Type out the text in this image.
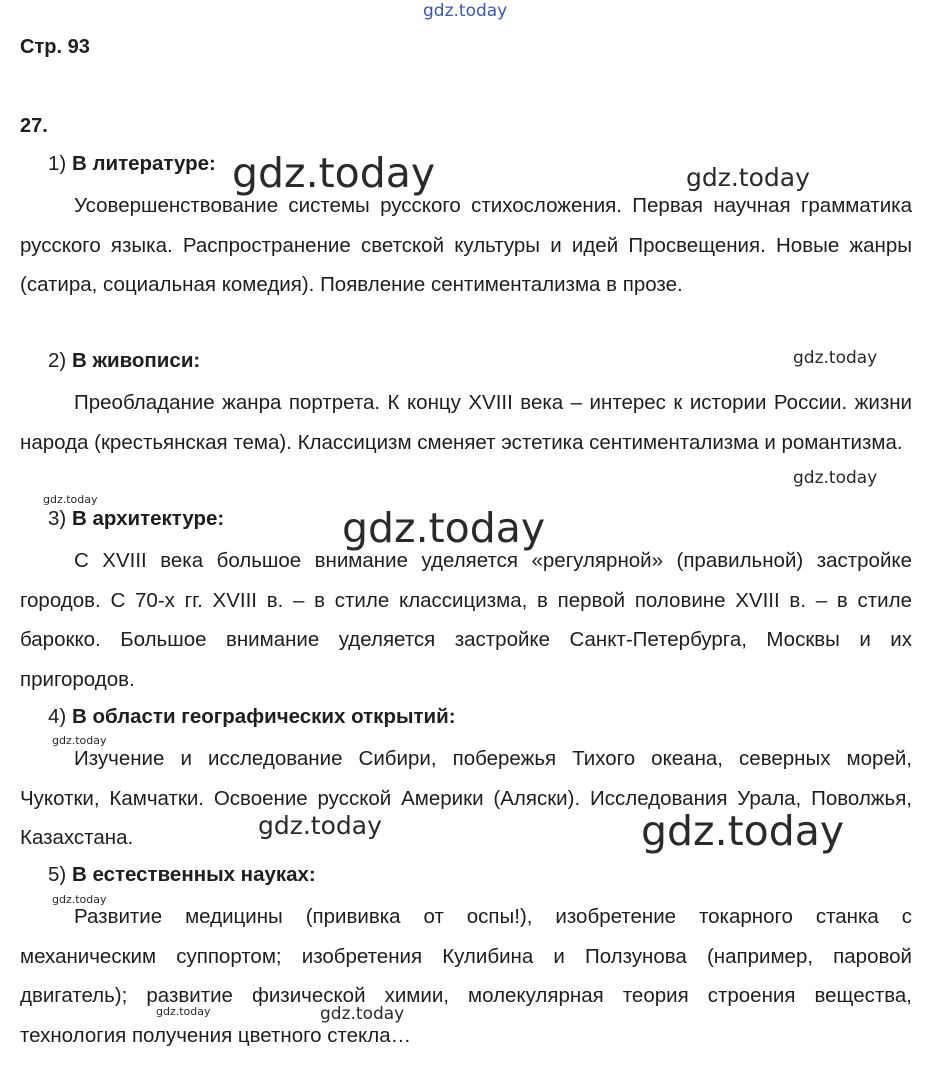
gdz.today
gdz.today	gdz.today
gdz.today
gdz.today
gdz.today
gdz.today
gdz.today
gdz.today	gdz.today
gdz.today
gdz.today	gdz.today
Стр. 93
27.
1) В литературе:

Усовершенствование системы русского стихосложения. Первая научная грамматика русского языка. Распространение светской культуры и идей Просвещения. Новые жанры (сатира, социальная комедия). Появление сентиментализма в прозе.

2) В живописи:

Преобладание жанра портрета. К концу XVIII века – интерес к истории России. жизни народа (крестьянская тема). Классицизм сменяет эстетика сентиментализма и романтизма.

3) В архитектуре:

С XVIII века большое внимание уделяется «регулярной» (правильной) застройке городов. С 70-х гг. XVIII в. – в стиле классицизма, в первой половине XVIII в. – в стиле барокко. Большое внимание уделяется застройке Санкт-Петербурга, Москвы и их пригородов.

4) В области географических открытий:

Изучение и исследование Сибири, побережья Тихого океана, северных морей, Чукотки, Камчатки. Освоение русской Америки (Аляски). Исследования Урала, Поволжья, Казахстана.

5) В естественных науках:

Развитие медицины (прививка от оспы!), изобретение токарного станка с механическим суппортом; изобретения Кулибина и Ползунова (например, паровой двигатель); развитие физической химии, молекулярная теория строения вещества, технология получения цветного стекла…
